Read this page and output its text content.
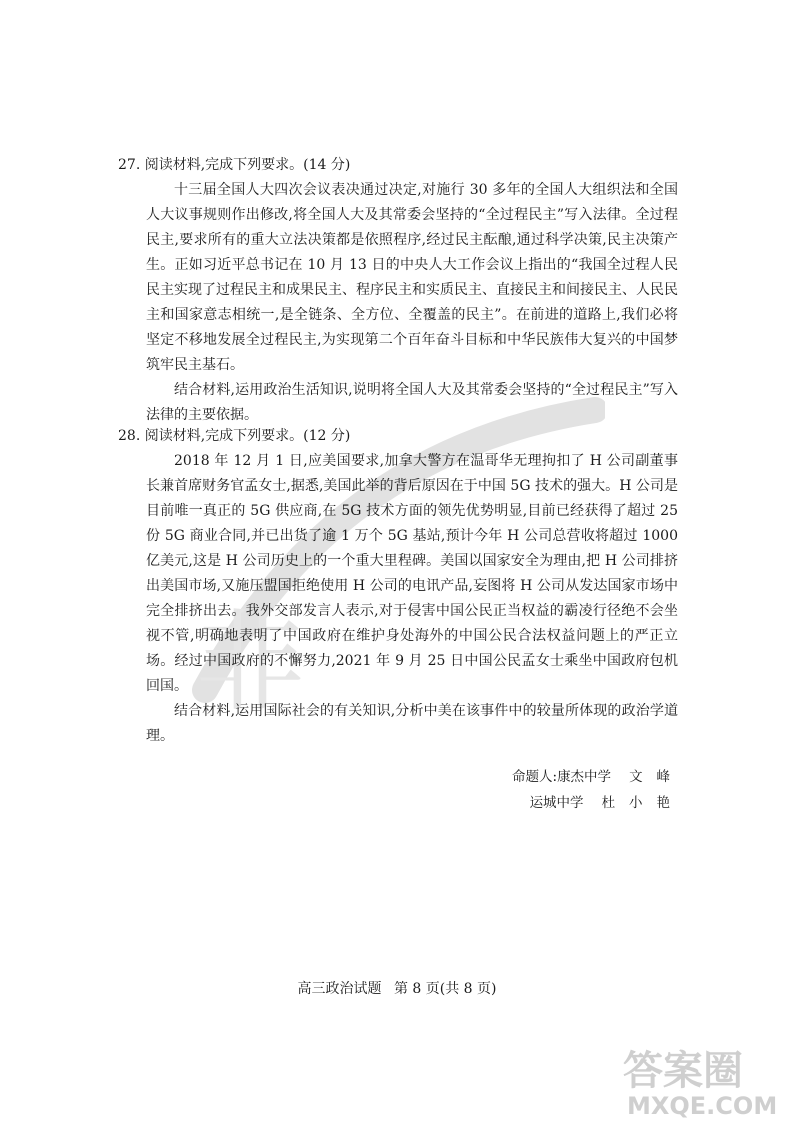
非

27. 阅读材料,完成下列要求。(14 分)

十三届全国人大四次会议表决通过决定,对施行 30 多年的全国人大组织法和全国人大议事规则作出修改,将全国人大及其常委会坚持的“全过程民主”写入法律。全过程民主,要求所有的重大立法决策都是依照程序,经过民主酝酿,通过科学决策,民主决策产生。正如习近平总书记在 10 月 13 日的中央人大工作会议上指出的“我国全过程人民民主实现了过程民主和成果民主、程序民主和实质民主、直接民主和间接民主、人民民主和国家意志相统一,是全链条、全方位、全覆盖的民主”。在前进的道路上,我们必将坚定不移地发展全过程民主,为实现第二个百年奋斗目标和中华民族伟大复兴的中国梦筑牢民主基石。

结合材料,运用政治生活知识,说明将全国人大及其常委会坚持的“全过程民主”写入法律的主要依据。

28. 阅读材料,完成下列要求。(12 分)

2018 年 12 月 1 日,应美国要求,加拿大警方在温哥华无理拘扣了 H 公司副董事长兼首席财务官孟女士,据悉,美国此举的背后原因在于中国 5G 技术的强大。H 公司是目前唯一真正的 5G 供应商,在 5G 技术方面的领先优势明显,目前已经获得了超过 25 份 5G 商业合同,并已出货了逾 1 万个 5G 基站,预计今年 H 公司总营收将超过 1000 亿美元,这是 H 公司历史上的一个重大里程碑。美国以国家安全为理由,把 H 公司排挤出美国市场,又施压盟国拒绝使用 H 公司的电讯产品,妄图将 H 公司从发达国家市场中完全排挤出去。我外交部发言人表示,对于侵害中国公民正当权益的霸凌行径绝不会坐视不管,明确地表明了中国政府在维护身处海外的中国公民合法权益问题上的严正立场。经过中国政府的不懈努力,2021 年 9 月 25 日中国公民孟女士乘坐中国政府包机回国。

结合材料,运用国际社会的有关知识,分析中美在该事件中的较量所体现的政治学道理。

命题人: 康杰中学 文峰
运城中学 杜小艳
高三政治试题 第 8 页(共 8 页)
答案圈
MXQE.COM
